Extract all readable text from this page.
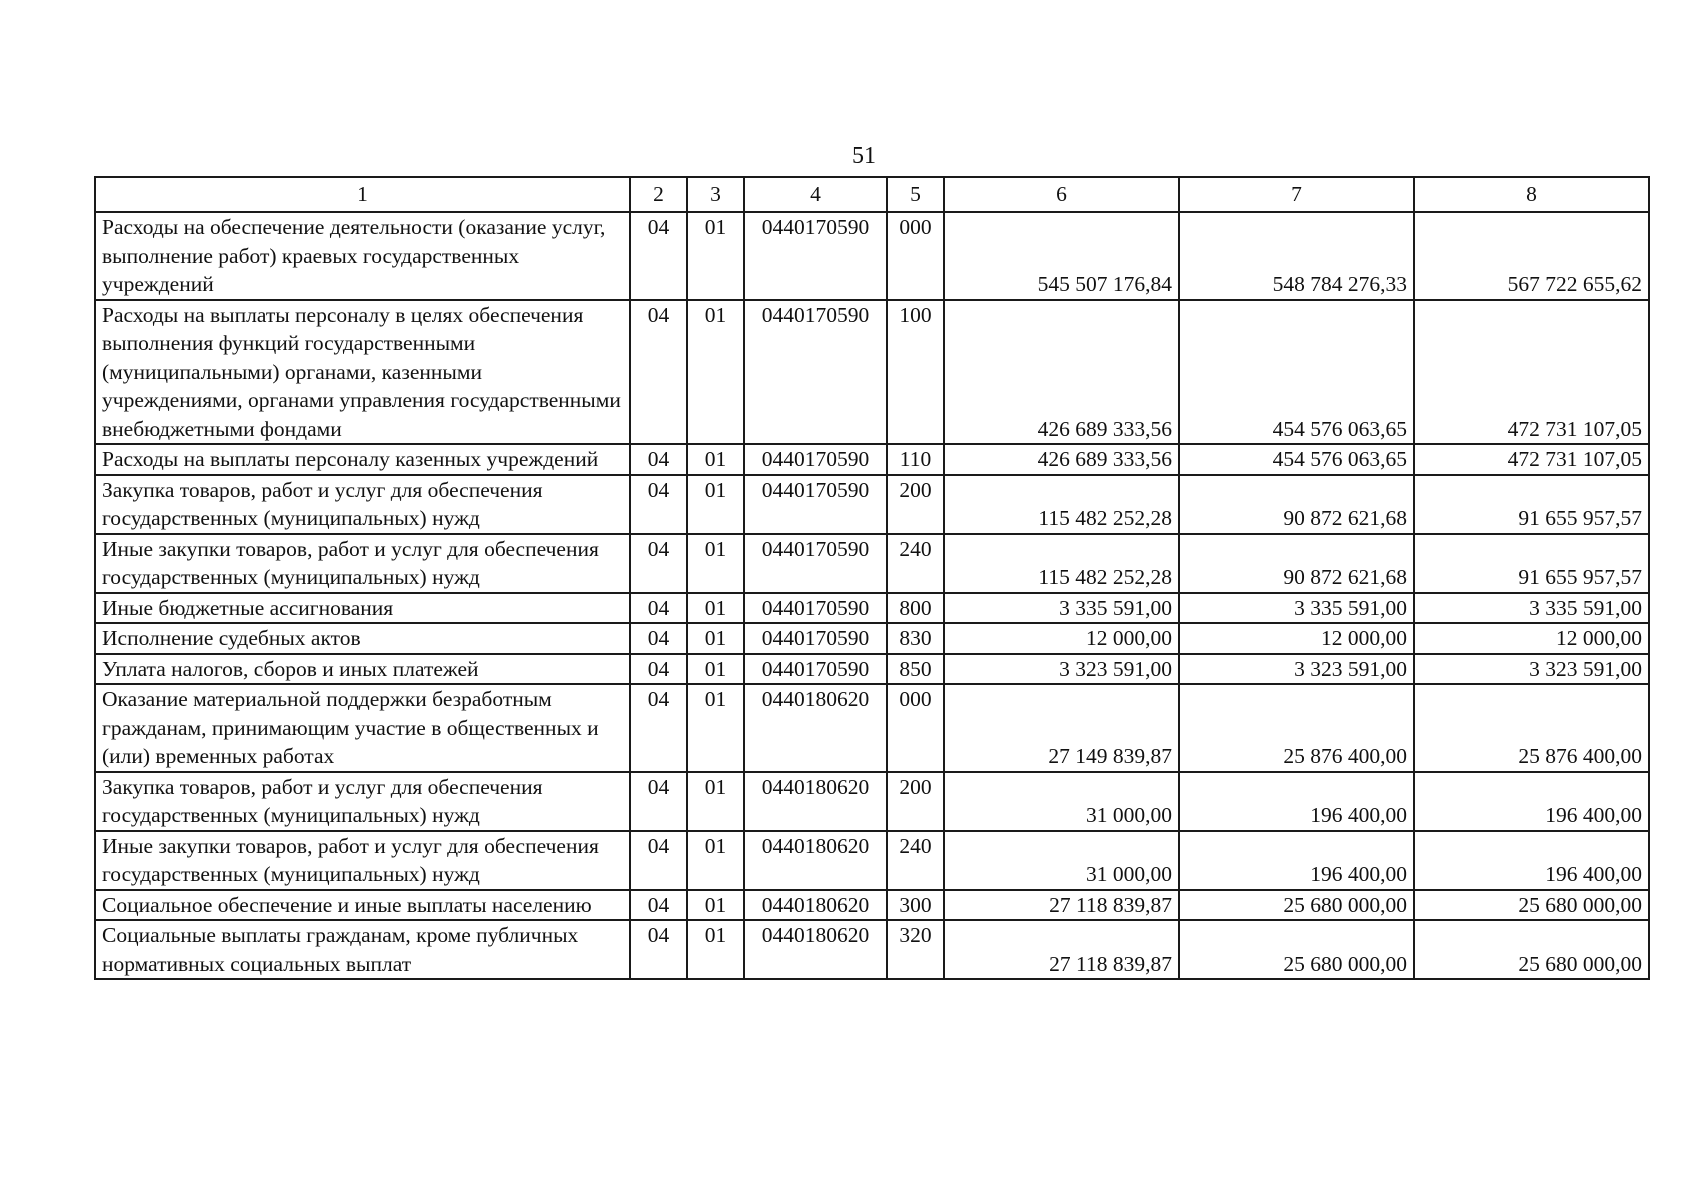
51
1	2	3	4	5	6	7	8
Расходы на обеспечение деятельности (оказание услуг, выполнение работ) краевых государственных учреждений	04	01	0440170590	000	545 507 176,84	548 784 276,33	567 722 655,62
Расходы на выплаты персоналу в целях обеспечения выполнения функций государственными (муниципальными) органами, казенными учреждениями, органами управления государственными внебюджетными фондами	04	01	0440170590	100	426 689 333,56	454 576 063,65	472 731 107,05
Расходы на выплаты персоналу казенных учреждений	04	01	0440170590	110	426 689 333,56	454 576 063,65	472 731 107,05
Закупка товаров, работ и услуг для обеспечения государственных (муниципальных) нужд	04	01	0440170590	200	115 482 252,28	90 872 621,68	91 655 957,57
Иные закупки товаров, работ и услуг для обеспечения государственных (муниципальных) нужд	04	01	0440170590	240	115 482 252,28	90 872 621,68	91 655 957,57
Иные бюджетные ассигнования	04	01	0440170590	800	3 335 591,00	3 335 591,00	3 335 591,00
Исполнение судебных актов	04	01	0440170590	830	12 000,00	12 000,00	12 000,00
Уплата налогов, сборов и иных платежей	04	01	0440170590	850	3 323 591,00	3 323 591,00	3 323 591,00
Оказание материальной поддержки безработным гражданам, принимающим участие в общественных и (или) временных работах	04	01	0440180620	000	27 149 839,87	25 876 400,00	25 876 400,00
Закупка товаров, работ и услуг для обеспечения государственных (муниципальных) нужд	04	01	0440180620	200	31 000,00	196 400,00	196 400,00
Иные закупки товаров, работ и услуг для обеспечения государственных (муниципальных) нужд	04	01	0440180620	240	31 000,00	196 400,00	196 400,00
Социальное обеспечение и иные выплаты населению	04	01	0440180620	300	27 118 839,87	25 680 000,00	25 680 000,00
Социальные выплаты гражданам, кроме публичных нормативных социальных выплат	04	01	0440180620	320	27 118 839,87	25 680 000,00	25 680 000,00
